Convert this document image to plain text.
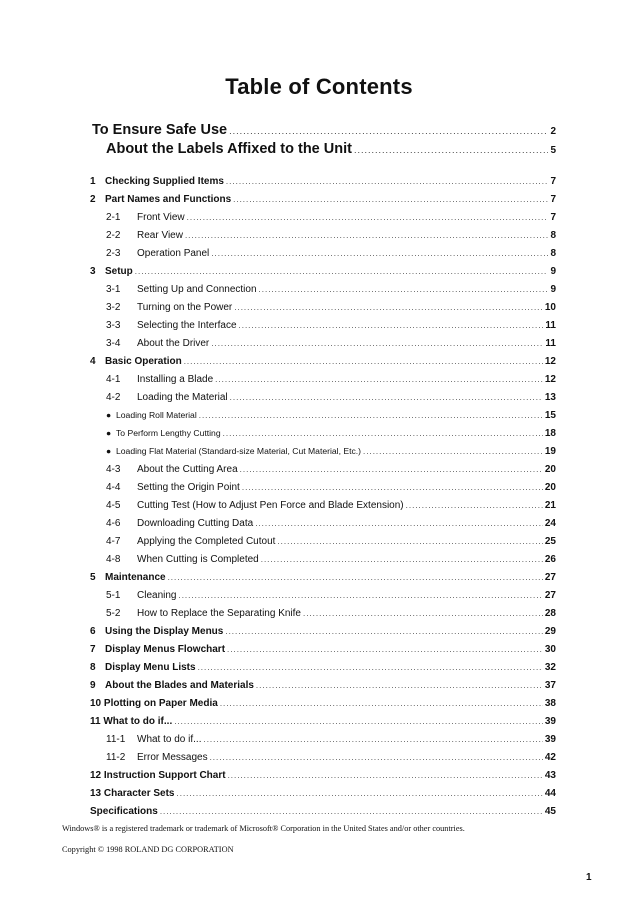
Table of Contents
To Ensure Safe Use .....	2
About the Labels Affixed to the Unit .....	5
1 Checking Supplied Items .....	7
2 Part Names and Functions .....	7
2-1 Front View .....	7
2-2 Rear View .....	8
2-3 Operation Panel .....	8
3 Setup .....	9
3-1 Setting Up and Connection .....	9
3-2 Turning on the Power .....	10
3-3 Selecting the Interface .....	11
3-4 About the Driver .....	11
4 Basic Operation .....	12
4-1 Installing a Blade .....	12
4-2 Loading the Material .....	13
● Loading Roll Material .....	15
● To Perform Lengthy Cutting .....	18
● Loading Flat Material (Standard-size Material, Cut Material, Etc.) .....	19
4-3 About the Cutting Area .....	20
4-4 Setting the Origin Point .....	20
4-5 Cutting Test (How to Adjust Pen Force and Blade Extension) .....	21
4-6 Downloading Cutting Data .....	24
4-7 Applying the Completed Cutout .....	25
4-8 When Cutting is Completed .....	26
5 Maintenance .....	27
5-1 Cleaning .....	27
5-2 How to Replace the Separating Knife .....	28
6 Using the Display Menus .....	29
7 Display Menus Flowchart .....	30
8 Display Menu Lists .....	32
9 About the Blades and Materials .....	37
10 Plotting on Paper Media .....	38
11 What to do if... .....	39
11-1 What to do if... .....	39
11-2 Error Messages .....	42
12 Instruction Support Chart .....	43
13 Character Sets .....	44
Specifications .....	45
Windows® is a registered trademark or trademark of Microsoft® Corporation in the United States and/or other countries.
Copyright © 1998 ROLAND DG CORPORATION
1
